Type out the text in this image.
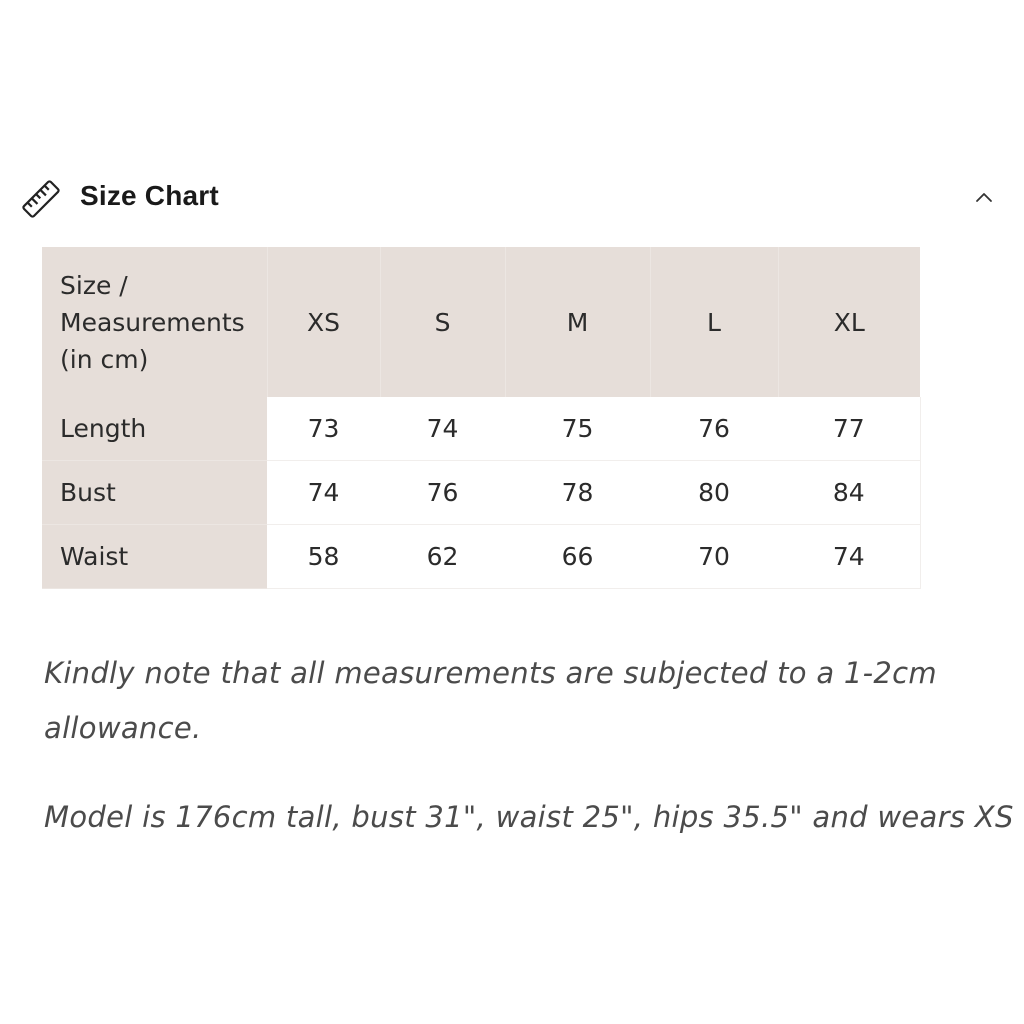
Size Chart
Size /
Measurements
(in cm)	XS	S	M	L	XL
Length	73	74	75	76	77
Bust	74	76	78	80	84
Waist	58	62	66	70	74

Kindly note that all measurements are subjected to a 1-2cm allowance.

Model is 176cm tall, bust 31", waist 25", hips 35.5" and wears XS
